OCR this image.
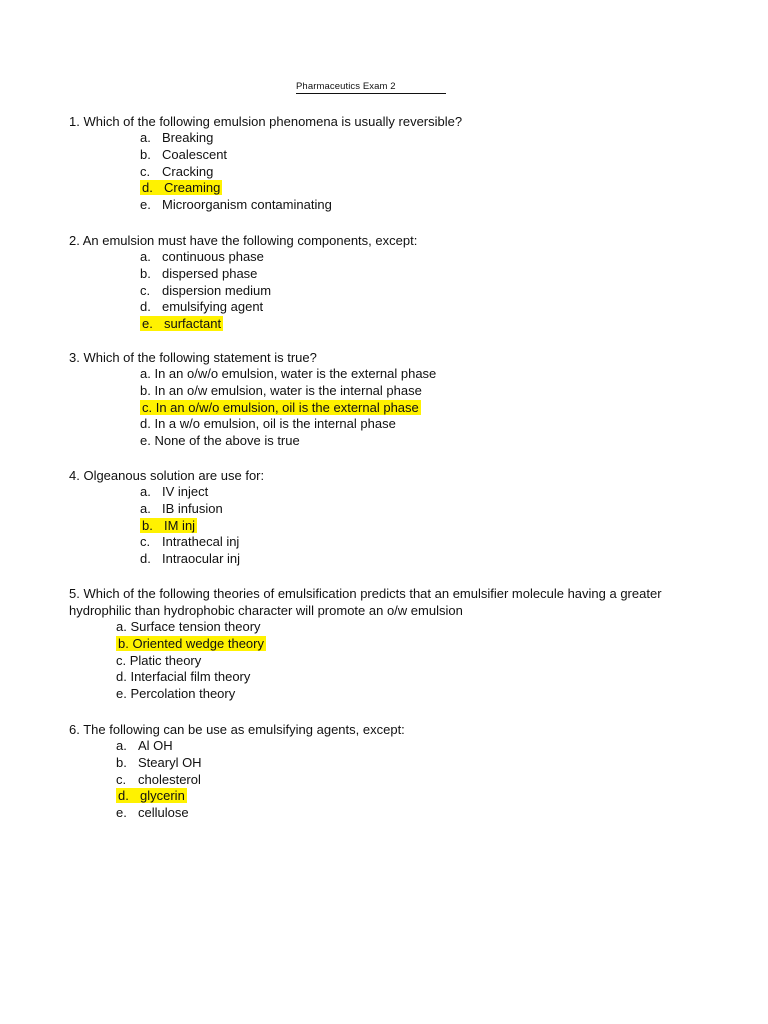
Pharmaceutics Exam 2
1. Which of the following emulsion phenomena is usually reversible?
a. Breaking
b. Coalescent
c. Cracking
d. Creaming
e. Microorganism contaminating
2. An emulsion must have the following components, except:
a. continuous phase
b. dispersed phase
c. dispersion medium
d. emulsifying agent
e. surfactant
3. Which of the following statement is true?
a. In an o/w/o emulsion, water is the external phase
b. In an o/w emulsion, water is the internal phase
c. In an o/w/o emulsion, oil is the external phase
d. In a w/o emulsion, oil is the internal phase
e. None of the above is true
4. Olgeanous solution are use for:
a. IV inject
a. IB infusion
b. IM inj
c. Intrathecal inj
d. Intraocular inj
5. Which of the following theories of emulsification predicts that an emulsifier molecule having a greater hydrophilic than hydrophobic character will promote an o/w emulsion
a. Surface tension theory
b. Oriented wedge theory
c. Platic theory
d. Interfacial film theory
e. Percolation theory
6. The following can be use as emulsifying agents, except:
a. Al OH
b. Stearyl OH
c. cholesterol
d. glycerin
e. cellulose
